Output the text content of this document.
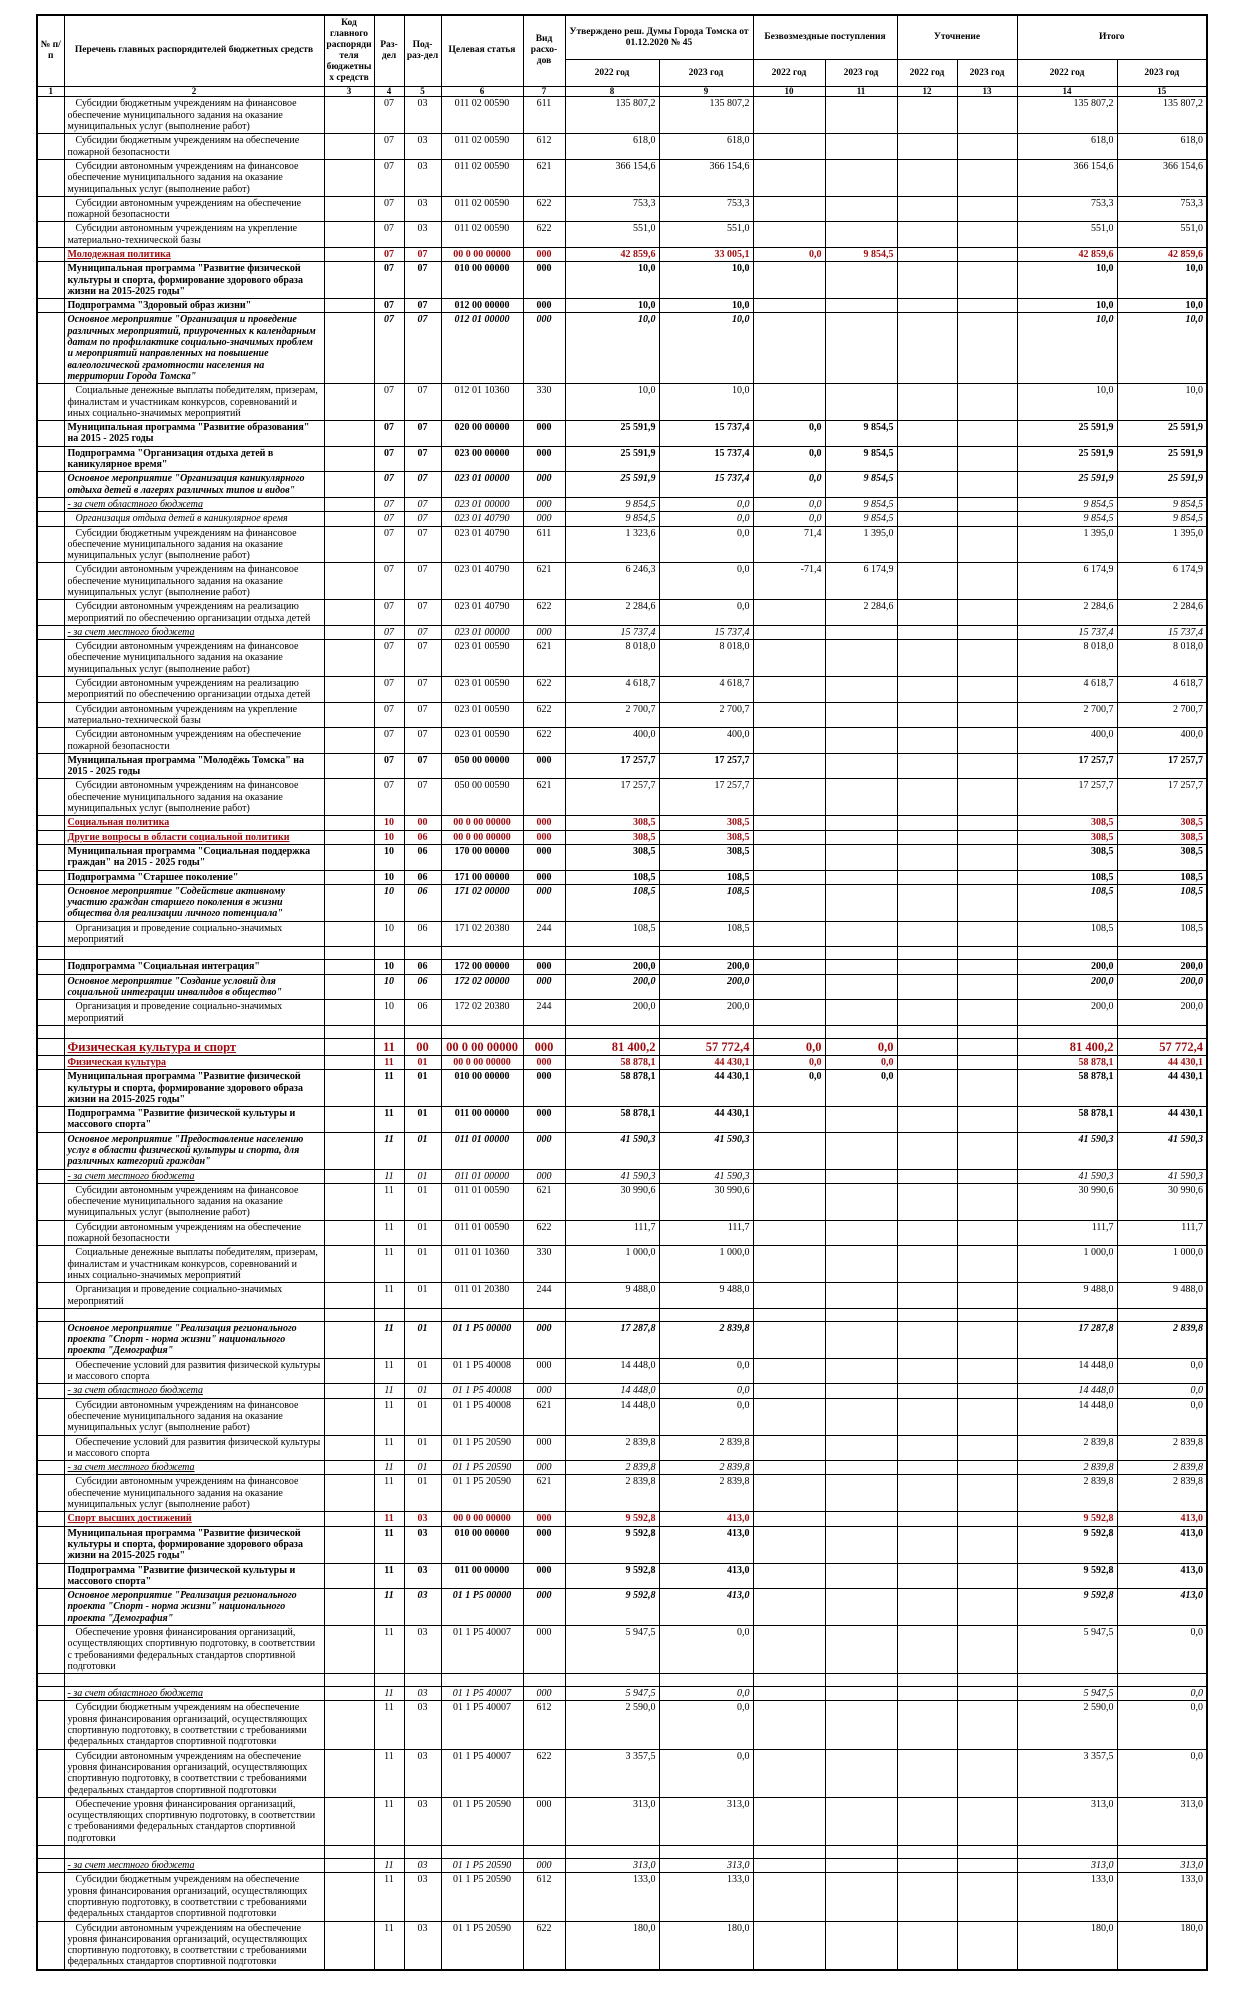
№ п/п	Перечень главных распорядителей бюджетных средств	Код главного распорядителя бюджетных средств	Раз-дел	Под-раз-дел	Целевая статья	Вид расхо-дов	Утверждено реш. Думы Города Томска от 01.12.2020 № 45		Безвозмездные поступления		Уточнение		Итого	
							2022 год	2023 год	2022 год	2023 год	2022 год	2023 год	2022 год	2023 год
1	2	3	4	5	6	7	8	9	10	11	12	13	14	15
	Субсидии бюджетным учреждениям на финансовое обеспечение муниципального задания на оказание муниципальных услуг (выполнение работ)		07	03	011 02 00590	611	135 807,2	135 807,2					135 807,2	135 807,2
	Субсидии бюджетным учреждениям на обеспечение пожарной безопасности		07	03	011 02 00590	612	618,0	618,0					618,0	618,0
	Субсидии автономным учреждениям на финансовое обеспечение муниципального задания на оказание муниципальных услуг (выполнение работ)		07	03	011 02 00590	621	366 154,6	366 154,6					366 154,6	366 154,6
	Субсидии автономным учреждениям на обеспечение пожарной безопасности		07	03	011 02 00590	622	753,3	753,3					753,3	753,3
	Субсидии автономным учреждениям на укрепление материально-технической базы		07	03	011 02 00590	622	551,0	551,0					551,0	551,0
	Молодежная политика		07	07	00 0 00 00000	000	42 859,6	33 005,1	0,0	9 854,5			42 859,6	42 859,6
	Муниципальная программа "Развитие физической культуры и спорта, формирование здорового образа жизни на 2015-2025 годы"		07	07	010 00 00000	000	10,0	10,0					10,0	10,0
	Подпрограмма "Здоровый образ жизни"		07	07	012 00 00000	000	10,0	10,0					10,0	10,0
	Основное мероприятие "Организация и проведение различных мероприятий, приуроченных к календарным датам по профилактике социально-значимых проблем и мероприятий направленных на повышение валеологической грамотности населения на территории Города Томска"		07	07	012 01 00000	000	10,0	10,0					10,0	10,0
	Социальные денежные выплаты победителям, призерам, финалистам и участникам конкурсов, соревнований и иных социально-значимых мероприятий		07	07	012 01 10360	330	10,0	10,0					10,0	10,0
	Муниципальная программа "Развитие образования" на 2015 - 2025 годы		07	07	020 00 00000	000	25 591,9	15 737,4	0,0	9 854,5			25 591,9	25 591,9
	Подпрограмма "Организация отдыха детей в каникулярное время"		07	07	023 00 00000	000	25 591,9	15 737,4	0,0	9 854,5			25 591,9	25 591,9
	Основное мероприятие "Организация каникулярного отдыха детей в лагерях различных типов и видов"		07	07	023 01 00000	000	25 591,9	15 737,4	0,0	9 854,5			25 591,9	25 591,9
	- за счет областного бюджета		07	07	023 01 00000	000	9 854,5	0,0	0,0	9 854,5			9 854,5	9 854,5
	Организация отдыха детей в каникулярное время		07	07	023 01 40790	000	9 854,5	0,0	0,0	9 854,5			9 854,5	9 854,5
	Субсидии бюджетным учреждениям на финансовое обеспечение муниципального задания на оказание муниципальных услуг (выполнение работ)		07	07	023 01 40790	611	1 323,6	0,0	71,4	1 395,0			1 395,0	1 395,0
	Субсидии автономным учреждениям на финансовое обеспечение муниципального задания на оказание муниципальных услуг (выполнение работ)		07	07	023 01 40790	621	6 246,3	0,0	-71,4	6 174,9			6 174,9	6 174,9
	Субсидии автономным учреждениям на реализацию мероприятий по обеспечению организации отдыха детей		07	07	023 01 40790	622	2 284,6	0,0		2 284,6			2 284,6	2 284,6
	- за счет местного бюджета		07	07	023 01 00000	000	15 737,4	15 737,4					15 737,4	15 737,4
	Субсидии автономным учреждениям на финансовое обеспечение муниципального задания на оказание муниципальных услуг (выполнение работ)		07	07	023 01 00590	621	8 018,0	8 018,0					8 018,0	8 018,0
	Субсидии автономным учреждениям на реализацию мероприятий по обеспечению организации отдыха детей		07	07	023 01 00590	622	4 618,7	4 618,7					4 618,7	4 618,7
	Субсидии автономным учреждениям на укрепление материально-технической базы		07	07	023 01 00590	622	2 700,7	2 700,7					2 700,7	2 700,7
	Субсидии автономным учреждениям на обеспечение пожарной безопасности		07	07	023 01 00590	622	400,0	400,0					400,0	400,0
	Муниципальная программа "Молодёжь Томска" на 2015 - 2025 годы		07	07	050 00 00000	000	17 257,7	17 257,7					17 257,7	17 257,7
	Субсидии автономным учреждениям на финансовое обеспечение муниципального задания на оказание муниципальных услуг (выполнение работ)		07	07	050 00 00590	621	17 257,7	17 257,7					17 257,7	17 257,7
	Социальная политика		10	00	00 0 00 00000	000	308,5	308,5					308,5	308,5
	Другие вопросы в области социальной политики		10	06	00 0 00 00000	000	308,5	308,5					308,5	308,5
	Муниципальная программа "Социальная поддержка граждан" на 2015 - 2025 годы"		10	06	170 00 00000	000	308,5	308,5					308,5	308,5
	Подпрограмма "Старшее поколение"		10	06	171 00 00000	000	108,5	108,5					108,5	108,5
	Основное мероприятие "Содействие активному участию граждан старшего поколения в жизни общества для реализации личного потенциала"		10	06	171 02 00000	000	108,5	108,5					108,5	108,5
	Организация и проведение социально-значимых мероприятий		10	06	171 02 20380	244	108,5	108,5					108,5	108,5

	Подпрограмма "Социальная интеграция"		10	06	172 00 00000	000	200,0	200,0					200,0	200,0
	Основное мероприятие "Создание условий для социальной интеграции инвалидов в общество"		10	06	172 02 00000	000	200,0	200,0					200,0	200,0
	Организация и проведение социально-значимых мероприятий		10	06	172 02 20380	244	200,0	200,0					200,0	200,0

	Физическая культура и спорт		11	00	00 0 00 00000	000	81 400,2	57 772,4	0,0	0,0			81 400,2	57 772,4
	Физическая культура		11	01	00 0 00 00000	000	58 878,1	44 430,1	0,0	0,0			58 878,1	44 430,1
	Муниципальная программа "Развитие физической культуры и спорта, формирование здорового образа жизни на 2015-2025 годы"		11	01	010 00 00000	000	58 878,1	44 430,1	0,0	0,0			58 878,1	44 430,1
	Подпрограмма "Развитие физической культуры и массового спорта"		11	01	011 00 00000	000	58 878,1	44 430,1					58 878,1	44 430,1
	Основное мероприятие "Предоставление населению услуг в области физической культуры и спорта, для различных категорий граждан"		11	01	011 01 00000	000	41 590,3	41 590,3					41 590,3	41 590,3
	- за счет местного бюджета		11	01	011 01 00000	000	41 590,3	41 590,3					41 590,3	41 590,3
	Субсидии автономным учреждениям на финансовое обеспечение муниципального задания на оказание муниципальных услуг (выполнение работ)		11	01	011 01 00590	621	30 990,6	30 990,6					30 990,6	30 990,6
	Субсидии автономным учреждениям на обеспечение пожарной безопасности		11	01	011 01 00590	622	111,7	111,7					111,7	111,7
	Социальные денежные выплаты победителям, призерам, финалистам и участникам конкурсов, соревнований и иных социально-значимых мероприятий		11	01	011 01 10360	330	1 000,0	1 000,0					1 000,0	1 000,0
	Организация и проведение социально-значимых мероприятий		11	01	011 01 20380	244	9 488,0	9 488,0					9 488,0	9 488,0

	Основное мероприятие "Реализация регионального проекта "Спорт - норма жизни" национального проекта "Демография"		11	01	01 1 P5 00000	000	17 287,8	2 839,8					17 287,8	2 839,8
	Обеспечение условий для развития физической культуры и массового спорта		11	01	01 1 P5 40008	000	14 448,0	0,0					14 448,0	0,0
	- за счет областного бюджета		11	01	01 1 P5 40008	000	14 448,0	0,0					14 448,0	0,0
	Субсидии автономным учреждениям на финансовое обеспечение муниципального задания на оказание муниципальных услуг (выполнение работ)		11	01	01 1 P5 40008	621	14 448,0	0,0					14 448,0	0,0
	Обеспечение условий для развития физической культуры и массового спорта		11	01	01 1 P5 20590	000	2 839,8	2 839,8					2 839,8	2 839,8
	- за счет местного бюджета		11	01	01 1 P5 20590	000	2 839,8	2 839,8					2 839,8	2 839,8
	Субсидии автономным учреждениям на финансовое обеспечение муниципального задания на оказание муниципальных услуг (выполнение работ)		11	01	01 1 P5 20590	621	2 839,8	2 839,8					2 839,8	2 839,8
	Спорт высших достижений		11	03	00 0 00 00000	000	9 592,8	413,0					9 592,8	413,0
	Муниципальная программа "Развитие физической культуры и спорта, формирование здорового образа жизни на 2015-2025 годы"		11	03	010 00 00000	000	9 592,8	413,0					9 592,8	413,0
	Подпрограмма "Развитие физической культуры и массового спорта"		11	03	011 00 00000	000	9 592,8	413,0					9 592,8	413,0
	Основное мероприятие "Реализация регионального проекта "Спорт - норма жизни" национального проекта "Демография"		11	03	01 1 P5 00000	000	9 592,8	413,0					9 592,8	413,0
	Обеспечение уровня финансирования организаций, осуществляющих спортивную подготовку, в соответствии с требованиями федеральных стандартов спортивной подготовки		11	03	01 1 P5 40007	000	5 947,5	0,0					5 947,5	0,0

	- за счет областного бюджета		11	03	01 1 P5 40007	000	5 947,5	0,0					5 947,5	0,0
	Субсидии бюджетным учреждениям на обеспечение уровня финансирования организаций, осуществляющих спортивную подготовку, в соответствии с требованиями федеральных стандартов спортивной подготовки		11	03	01 1 P5 40007	612	2 590,0	0,0					2 590,0	0,0
	Субсидии автономным учреждениям на обеспечение уровня финансирования организаций, осуществляющих спортивную подготовку, в соответствии с требованиями федеральных стандартов спортивной подготовки		11	03	01 1 P5 40007	622	3 357,5	0,0					3 357,5	0,0
	Обеспечение уровня финансирования организаций, осуществляющих спортивную подготовку, в соответствии с требованиями федеральных стандартов спортивной подготовки		11	03	01 1 P5 20590	000	313,0	313,0					313,0	313,0

	- за счет местного бюджета		11	03	01 1 P5 20590	000	313,0	313,0					313,0	313,0
	Субсидии бюджетным учреждениям на обеспечение уровня финансирования организаций, осуществляющих спортивную подготовку, в соответствии с требованиями федеральных стандартов спортивной подготовки		11	03	01 1 P5 20590	612	133,0	133,0					133,0	133,0
	Субсидии автономным учреждениям на обеспечение уровня финансирования организаций, осуществляющих спортивную подготовку, в соответствии с требованиями федеральных стандартов спортивной подготовки		11	03	01 1 P5 20590	622	180,0	180,0					180,0	180,0
